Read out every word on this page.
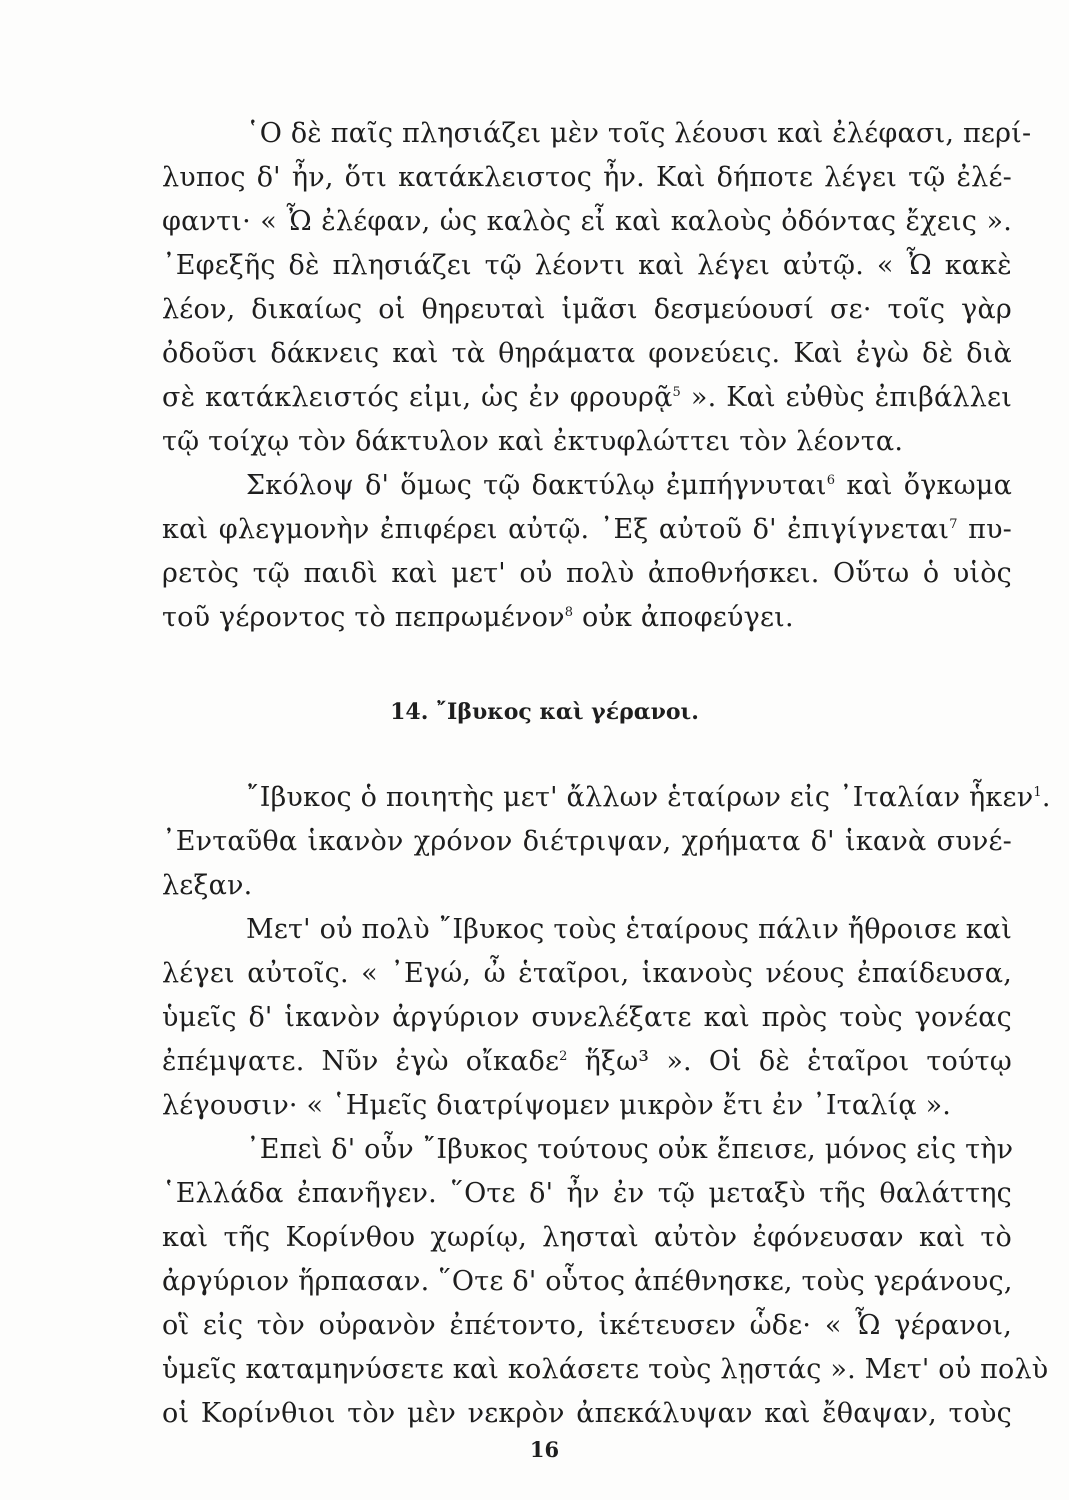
῾Ο δὲ παῖς πλησιάζει μὲν τοῖς λέουσι καὶ ἐλέφασι, περί-
λυπος δ' ἦν, ὅτι κατάκλειστος ἦν. Καὶ δήποτε λέγει τῷ ἐλέ-
φαντι· « Ὦ ἐλέφαν, ὡς καλὸς εἶ καὶ καλοὺς ὀδόντας ἔχεις ».
᾿Εφεξῆς δὲ πλησιάζει τῷ λέοντι καὶ λέγει αὐτῷ. « Ὦ κακὲ
λέον, δικαίως οἱ θηρευταὶ ἱμᾶσι δεσμεύουσί σε· τοῖς γὰρ
ὀδοῦσι δάκνεις καὶ τὰ θηράματα φονεύεις. Καὶ ἐγὼ δὲ διὰ
σὲ κατάκλειστός εἰμι, ὡς ἐν φρουρᾷ$^5$ ». Καὶ εὐθὺς ἐπιβάλλει
τῷ τοίχῳ τὸν δάκτυλον καὶ ἐκτυφλώττει τὸν λέοντα.
Σκόλοψ δ' ὅμως τῷ δακτύλῳ ἐμπήγνυται$^6$ καὶ ὄγκωμα
καὶ φλεγμονὴν ἐπιφέρει αὐτῷ. ᾿Εξ αὐτοῦ δ' ἐπιγίγνεται$^7$ πυ-
ρετὸς τῷ παιδὶ καὶ μετ' οὐ πολὺ ἀποθνήσκει. Οὕτω ὁ υἱὸς
τοῦ γέροντος τὸ πεπρωμένον$^8$ οὐκ ἀποφεύγει.
14. ῎Ιβυκος καὶ γέρανοι.
῎Ιβυκος ὁ ποιητὴς μετ' ἄλλων ἑταίρων εἰς ᾿Ιταλίαν ἧκεν$^1$.
᾿Ενταῦθα ἱκανὸν χρόνον διέτριψαν, χρήματα δ' ἱκανὰ συνέ-
λεξαν.
Μετ' οὐ πολὺ ῎Ιβυκος τοὺς ἑταίρους πάλιν ἤθροισε καὶ
λέγει αὐτοῖς. « ᾿Εγώ, ὦ ἑταῖροι, ἱκανοὺς νέους ἐπαίδευσα,
ὑμεῖς δ' ἱκανὸν ἀργύριον συνελέξατε καὶ πρὸς τοὺς γονέας
ἐπέμψατε. Νῦν ἐγὼ οἴκαδε$^2$ ἥξω³ ». Οἱ δὲ ἑταῖροι τούτῳ
λέγουσιν· « ῾Ημεῖς διατρίψομεν μικρὸν ἔτι ἐν ᾿Ιταλίᾳ ».
᾿Επεὶ δ' οὖν ῎Ιβυκος τούτους οὐκ ἔπεισε, μόνος εἰς τὴν
῾Ελλάδα ἐπανῆγεν. ῞Οτε δ' ἦν ἐν τῷ μεταξὺ τῆς θαλάττης
καὶ τῆς Κορίνθου χωρίῳ, λησταὶ αὐτὸν ἐφόνευσαν καὶ τὸ
ἀργύριον ἥρπασαν. ῞Οτε δ' οὗτος ἀπέθνησκε, τοὺς γεράνους,
οἳ εἰς τὸν οὐρανὸν ἐπέτοντο, ἱκέτευσεν ὧδε· « Ὦ γέρανοι,
ὑμεῖς καταμηνύσετε καὶ κολάσετε τοὺς λῃστάς ». Μετ' οὐ πολὺ
οἱ Κορίνθιοι τὸν μὲν νεκρὸν ἀπεκάλυψαν καὶ ἔθαψαν, τοὺς
16
